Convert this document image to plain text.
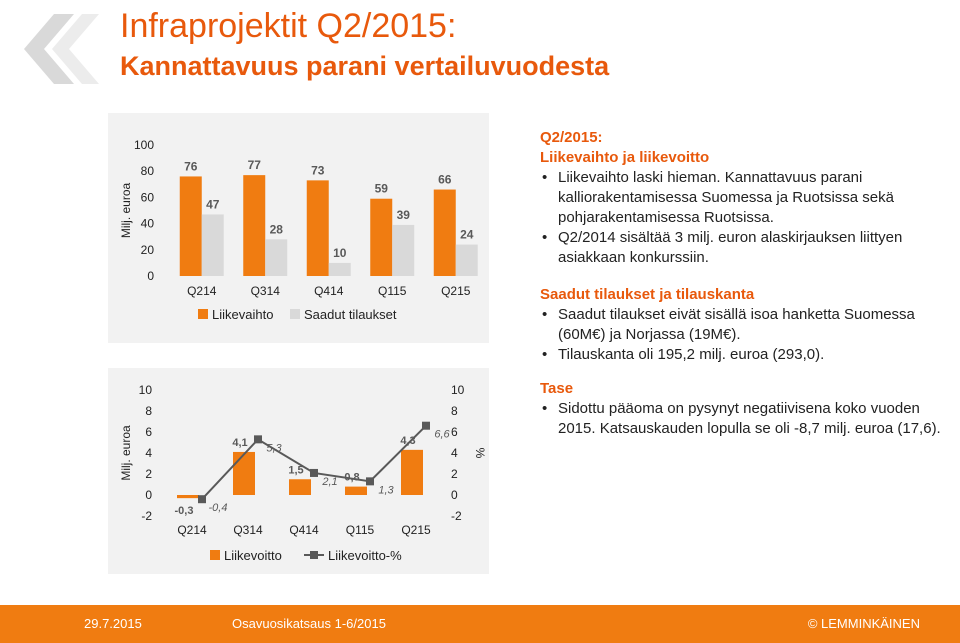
Infraprojektit Q2/2015:
Kannattavuus parani vertailuvuodesta
Milj. euroa
0
20
40
60
80
100
Q214
76
47
Q314
77
28
Q414
73
10
Q115
59
39
Q215
66
24
Liikevaihto Saadut tilaukset
Milj. euroa	%
-2	-2
0	0
2	2
4	4
6	6
8	8
10	10
Q214
-0,3
Q314
4,1
Q414
1,5
Q115
0,8
Q215
4,3
-0,4
5,3
2,1
1,3
6,6
Liikevoitto	Liikevoitto-%
Q2/2015:
Liikevaihto ja liikevoitto
• Liikevaihto laski hieman. Kannattavuus parani kalliorakentamisessa Suomessa ja Ruotsissa sekä pohjarakentamisessa Ruotsissa.
• Q2/2014 sisältää 3 milj. euron alaskirjauksen liittyen asiakkaan konkurssiin.
Saadut tilaukset ja tilauskanta
• Saadut tilaukset eivät sisällä isoa hanketta Suomessa (60M€) ja Norjassa (19M€).
• Tilauskanta oli 195,2 milj. euroa (293,0).
Tase
• Sidottu pääoma on pysynyt negatiivisena koko vuoden 2015. Katsauskauden lopulla se oli -8,7 milj. euroa (17,6).
29.7.2015	Osavuosikatsaus 1-6/2015	© LEMMINKÄINEN
